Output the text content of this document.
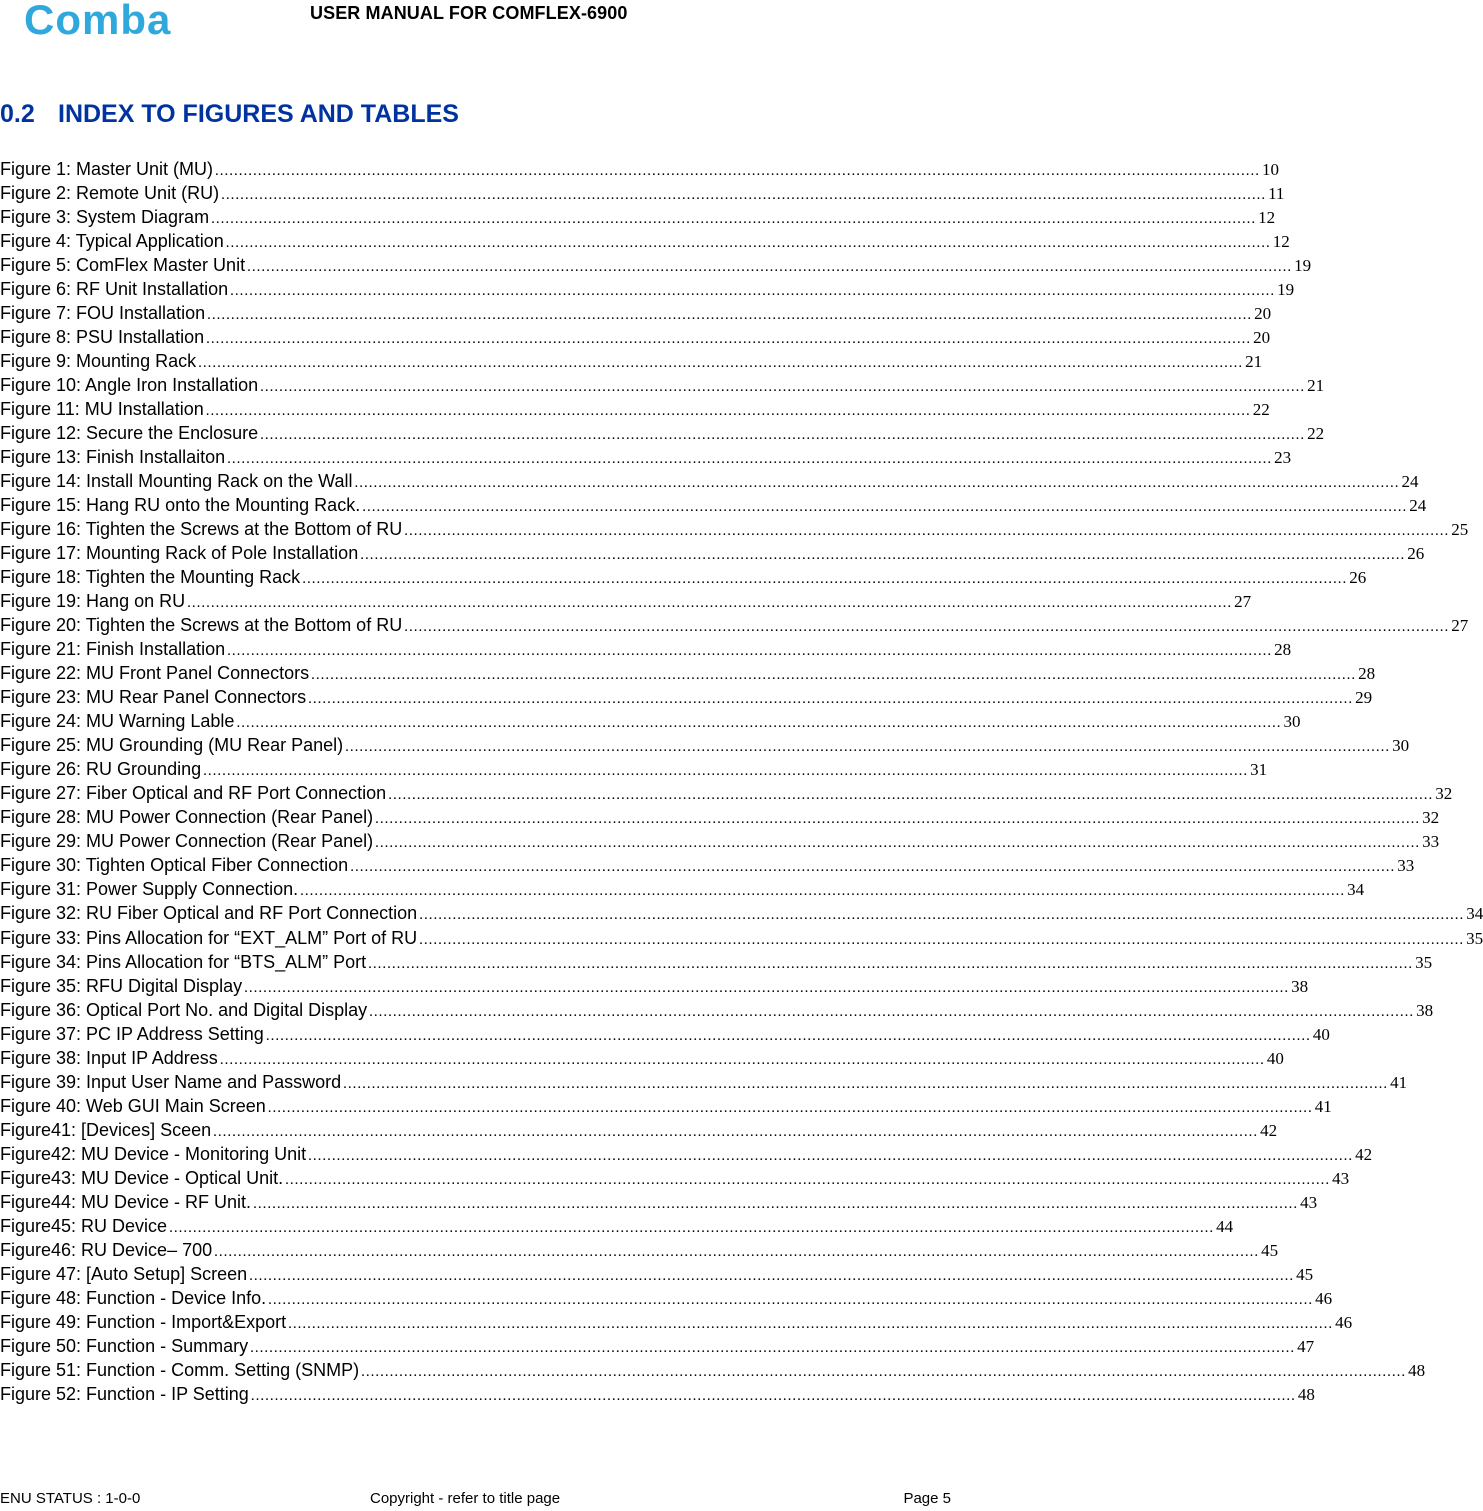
Comba	USER MANUAL FOR COMFLEX-6900
0.2 INDEX TO FIGURES AND TABLES
Figure 1: Master Unit (MU) ............................................................................................................................................................................................................................ 10
Figure 2: Remote Unit (RU) ............................................................................................................................................................................................................................ 11
Figure 3: System Diagram ............................................................................................................................................................................................................................ 12
Figure 4: Typical Application ............................................................................................................................................................................................................................ 12
Figure 5: ComFlex Master Unit ............................................................................................................................................................................................................................ 19
Figure 6: RF Unit Installation ............................................................................................................................................................................................................................ 19
Figure 7: FOU Installation ............................................................................................................................................................................................................................ 20
Figure 8: PSU Installation ............................................................................................................................................................................................................................ 20
Figure 9: Mounting Rack ............................................................................................................................................................................................................................ 21
Figure 10: Angle Iron Installation ............................................................................................................................................................................................................................ 21
Figure 11: MU Installation ............................................................................................................................................................................................................................ 22
Figure 12: Secure the Enclosure ............................................................................................................................................................................................................................ 22
Figure 13: Finish Installaiton ............................................................................................................................................................................................................................ 23
Figure 14: Install Mounting Rack on the Wall ............................................................................................................................................................................................................................ 24
Figure 15: Hang RU onto the Mounting Rack. ............................................................................................................................................................................................................................ 24
Figure 16: Tighten the Screws at the Bottom of RU ............................................................................................................................................................................................................................ 25
Figure 17: Mounting Rack of Pole Installation ............................................................................................................................................................................................................................ 26
Figure 18: Tighten the Mounting Rack ............................................................................................................................................................................................................................ 26
Figure 19: Hang on RU ............................................................................................................................................................................................................................ 27
Figure 20: Tighten the Screws at the Bottom of RU ............................................................................................................................................................................................................................ 27
Figure 21: Finish Installation ............................................................................................................................................................................................................................ 28
Figure 22: MU Front Panel Connectors ............................................................................................................................................................................................................................ 28
Figure 23: MU Rear Panel Connectors ............................................................................................................................................................................................................................ 29
Figure 24: MU Warning Lable ............................................................................................................................................................................................................................ 30
Figure 25: MU Grounding (MU Rear Panel) ............................................................................................................................................................................................................................ 30
Figure 26: RU Grounding ............................................................................................................................................................................................................................ 31
Figure 27: Fiber Optical and RF Port Connection ............................................................................................................................................................................................................................ 32
Figure 28: MU Power Connection (Rear Panel) ............................................................................................................................................................................................................................ 32
Figure 29: MU Power Connection (Rear Panel) ............................................................................................................................................................................................................................ 33
Figure 30: Tighten Optical Fiber Connection ............................................................................................................................................................................................................................ 33
Figure 31: Power Supply Connection. ............................................................................................................................................................................................................................ 34
Figure 32: RU Fiber Optical and RF Port Connection ............................................................................................................................................................................................................................ 34
Figure 33: Pins Allocation for “EXT_ALM” Port of RU ............................................................................................................................................................................................................................ 35
Figure 34: Pins Allocation for “BTS_ALM” Port ............................................................................................................................................................................................................................ 35
Figure 35: RFU Digital Display ............................................................................................................................................................................................................................ 38
Figure 36: Optical Port No. and Digital Display ............................................................................................................................................................................................................................ 38
Figure 37: PC IP Address Setting ............................................................................................................................................................................................................................ 40
Figure 38: Input IP Address ............................................................................................................................................................................................................................ 40
Figure 39: Input User Name and Password ............................................................................................................................................................................................................................ 41
Figure 40: Web GUI Main Screen ............................................................................................................................................................................................................................ 41
Figure41: [Devices] Sceen ............................................................................................................................................................................................................................ 42
Figure42: MU Device - Monitoring Unit ............................................................................................................................................................................................................................ 42
Figure43: MU Device - Optical Unit. ............................................................................................................................................................................................................................ 43
Figure44: MU Device - RF Unit. ............................................................................................................................................................................................................................ 43
Figure45: RU Device ............................................................................................................................................................................................................................ 44
Figure46: RU Device– 700 ............................................................................................................................................................................................................................ 45
Figure 47: [Auto Setup] Screen ............................................................................................................................................................................................................................ 45
Figure 48: Function - Device Info. ............................................................................................................................................................................................................................ 46
Figure 49: Function - Import&Export ............................................................................................................................................................................................................................ 46
Figure 50: Function - Summary ............................................................................................................................................................................................................................ 47
Figure 51: Function - Comm. Setting (SNMP) ............................................................................................................................................................................................................................ 48
Figure 52: Function - IP Setting ............................................................................................................................................................................................................................ 48
ENU STATUS : 1-0-0	Copyright - refer to title page	Page 5
